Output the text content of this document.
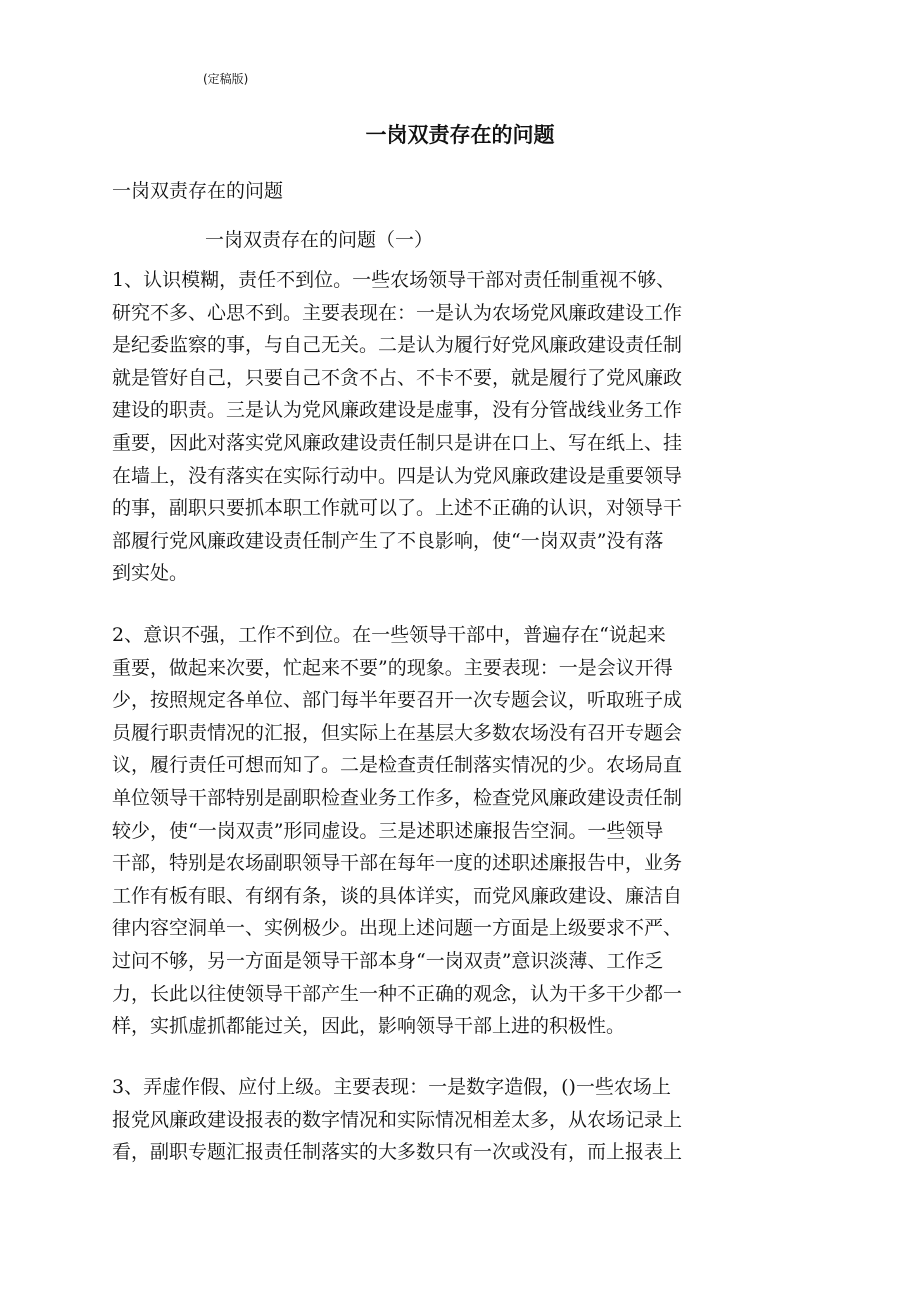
(定稿版)
一岗双责存在的问题
一岗双责存在的问题
一岗双责存在的问题（一）
1、认识模糊，责任不到位。一些农场领导干部对责任制重视不够、
研究不多、心思不到。主要表现在：一是认为农场党风廉政建设工作
是纪委监察的事，与自己无关。二是认为履行好党风廉政建设责任制
就是管好自己，只要自己不贪不占、不卡不要，就是履行了党风廉政
建设的职责。三是认为党风廉政建设是虚事，没有分管战线业务工作
重要，因此对落实党风廉政建设责任制只是讲在口上、写在纸上、挂
在墙上，没有落实在实际行动中。四是认为党风廉政建设是重要领导
的事，副职只要抓本职工作就可以了。上述不正确的认识，对领导干
部履行党风廉政建设责任制产生了不良影响，使“一岗双责”没有落
到实处。
2、意识不强，工作不到位。在一些领导干部中，普遍存在“说起来
重要，做起来次要，忙起来不要”的现象。主要表现：一是会议开得
少，按照规定各单位、部门每半年要召开一次专题会议，听取班子成
员履行职责情况的汇报，但实际上在基层大多数农场没有召开专题会
议，履行责任可想而知了。二是检查责任制落实情况的少。农场局直
单位领导干部特别是副职检查业务工作多，检查党风廉政建设责任制
较少，使“一岗双责”形同虚设。三是述职述廉报告空洞。一些领导
干部，特别是农场副职领导干部在每年一度的述职述廉报告中，业务
工作有板有眼、有纲有条，谈的具体详实，而党风廉政建设、廉洁自
律内容空洞单一、实例极少。出现上述问题一方面是上级要求不严、
过问不够，另一方面是领导干部本身“一岗双责”意识淡薄、工作乏
力，长此以往使领导干部产生一种不正确的观念，认为干多干少都一
样，实抓虚抓都能过关，因此，影响领导干部上进的积极性。
3、弄虚作假、应付上级。主要表现：一是数字造假，()一些农场上
报党风廉政建设报表的数字情况和实际情况相差太多，从农场记录上
看，副职专题汇报责任制落实的大多数只有一次或没有，而上报表上
